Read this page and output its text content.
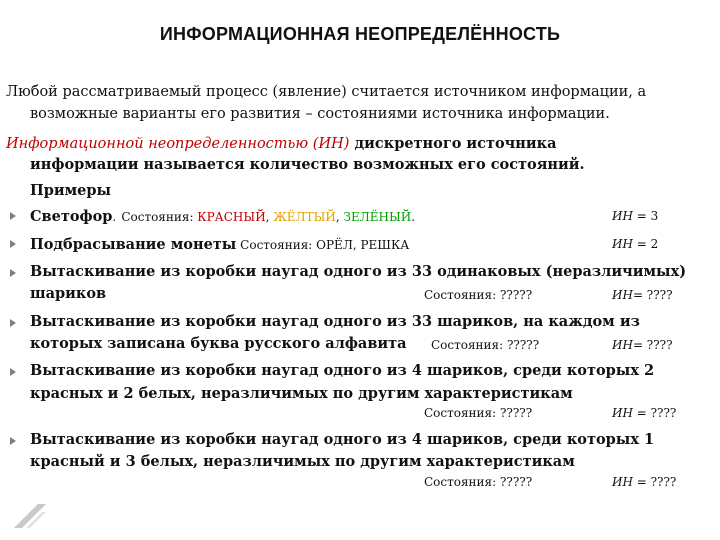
ИНФОРМАЦИОННАЯ НЕОПРЕДЕЛЁННОСТЬ
Любой рассматриваемый процесс (явление) считается источником информации, а
возможные варианты его развития – состояниями источника информации.
Информационной неопределенностью (ИН) дискретного источника
информации называется количество возможных его состояний.
Примеры
Светофор. Состояния: КРАСНЫЙ, ЖЁЛТЫЙ, ЗЕЛЁНЫЙ.	ИН = 3
Подбрасывание монеты Состояния: ОРЁЛ, РЕШКА	ИН = 2
Вытаскивание из коробки наугад одного из 33 одинаковых (неразличимых)
шариков	Состояния: ?????	ИН= ????
Вытаскивание из коробки наугад одного из 33 шариков, на каждом из
которых записана буква русского алфавита Состояния: ?????	ИН= ????
Вытаскивание из коробки наугад одного из 4 шариков, среди которых 2
красных и 2 белых, неразличимых по другим характеристикам
Состояния: ?????	ИН = ????
Вытаскивание из коробки наугад одного из 4 шариков, среди которых 1
красный и 3 белых, неразличимых по другим характеристикам
Состояния: ?????	ИН = ????
